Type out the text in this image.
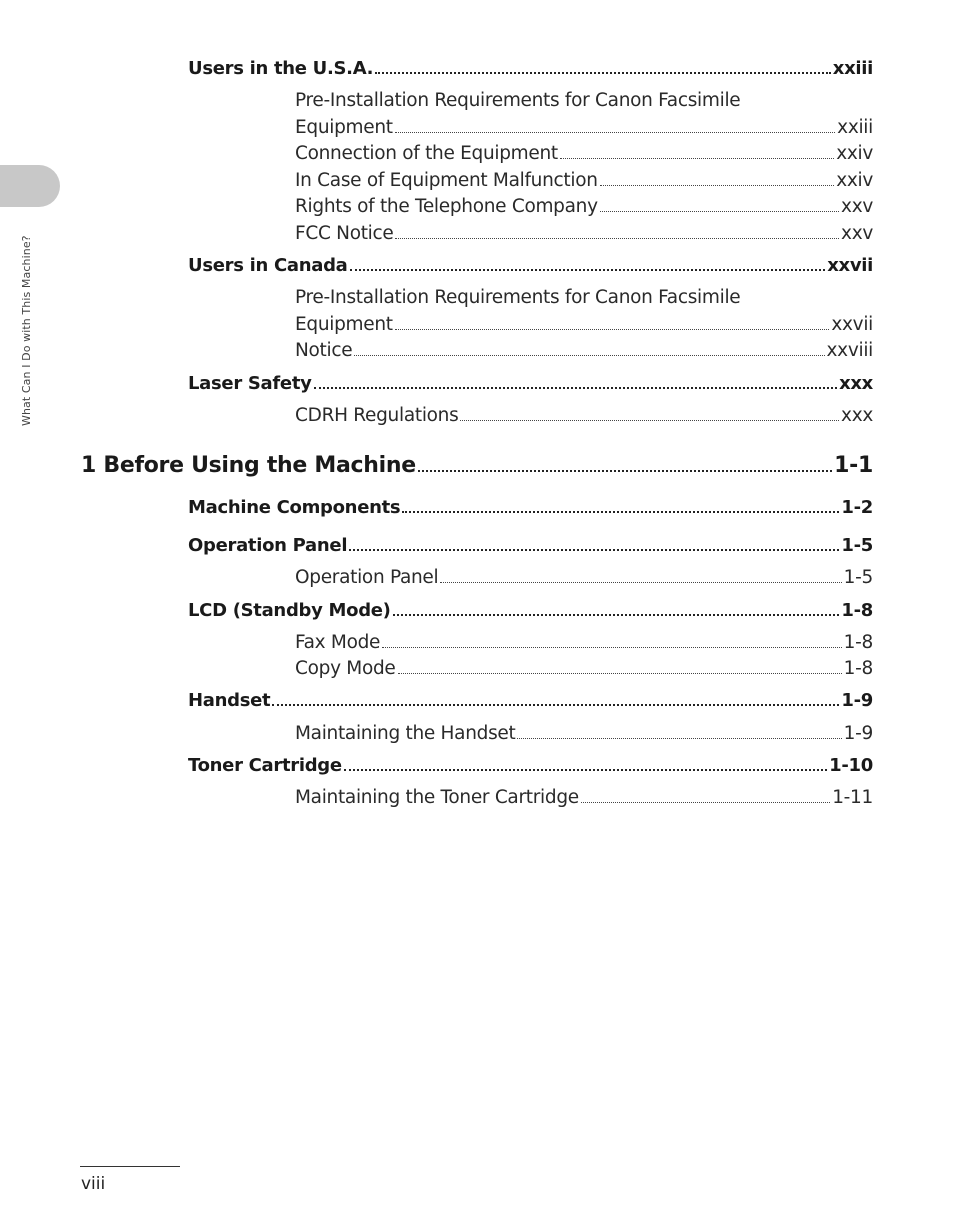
What Can I Do with This Machine?
Users in the U.S.A.	xxiii
Pre-Installation Requirements for Canon Facsimile
Equipment	xxiii
Connection of the Equipment	xxiv
In Case of Equipment Malfunction	xxiv
Rights of the Telephone Company	xxv
FCC Notice	xxv
Users in Canada	xxvii
Pre-Installation Requirements for Canon Facsimile
Equipment	xxvii
Notice	xxviii
Laser Safety	xxx
CDRH Regulations	xxx
1 Before Using the Machine	1-1
Machine Components	1-2
Operation Panel	1-5
Operation Panel	1-5
LCD (Standby Mode)	1-8
Fax Mode	1-8
Copy Mode	1-8
Handset	1-9
Maintaining the Handset	1-9
Toner Cartridge	1-10
Maintaining the Toner Cartridge	1-11
viii
